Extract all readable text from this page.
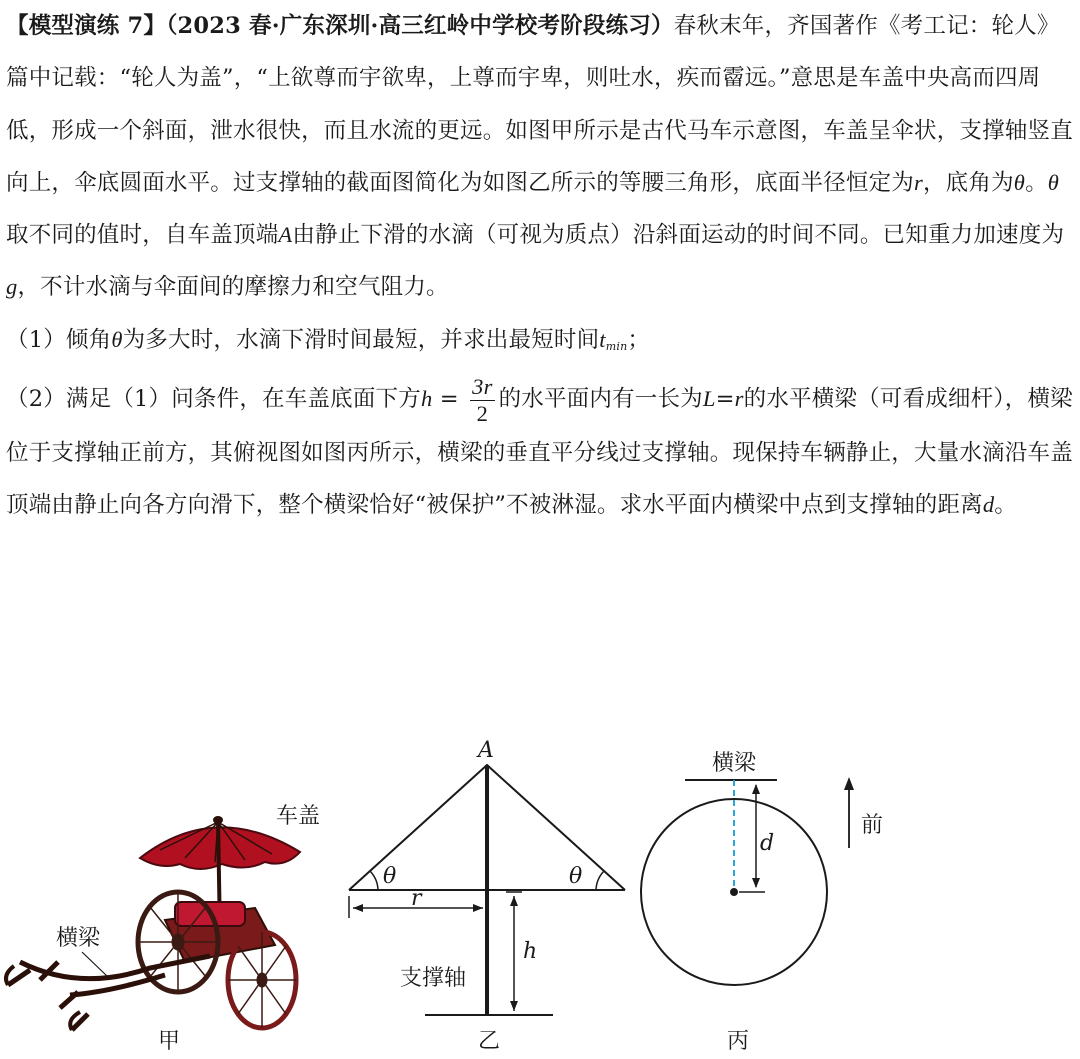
【模型演练 7】（2023 春·广东深圳·高三红岭中学校考阶段练习）春秋末年，齐国著作《考工记：轮人》篇中记载：“轮人为盖”，“上欲尊而宇欲卑，上尊而宇卑，则吐水，疾而霤远。”意思是车盖中央高而四周低，形成一个斜面，泄水很快，而且水流的更远。如图甲所示是古代马车示意图，车盖呈伞状，支撑轴竖直向上，伞底圆面水平。过支撑轴的截面图简化为如图乙所示的等腰三角形，底面半径恒定为r，底角为θ。θ取不同的值时，自车盖顶端A由静止下滑的水滴（可视为质点）沿斜面运动的时间不同。已知重力加速度为g，不计水滴与伞面间的摩擦力和空气阻力。

（1）倾角θ为多大时，水滴下滑时间最短，并求出最短时间tmin；

（2）满足（1）问条件，在车盖底面下方$h = \frac{3r}{2}$ 的水平面内有一长为L=r的水平横梁（可看成细杆），横梁位于支撑轴正前方，其俯视图如图丙所示，横梁的垂直平分线过支撑轴。现保持车辆静止，大量水滴沿车盖顶端由静止向各方向滑下，整个横梁恰好“被保护”不被淋湿。求水平面内横梁中点到支撑轴的距离d。

车盖
横梁
甲
A
θ	θ
r
h
支撑轴
乙
横梁
d
前
丙
